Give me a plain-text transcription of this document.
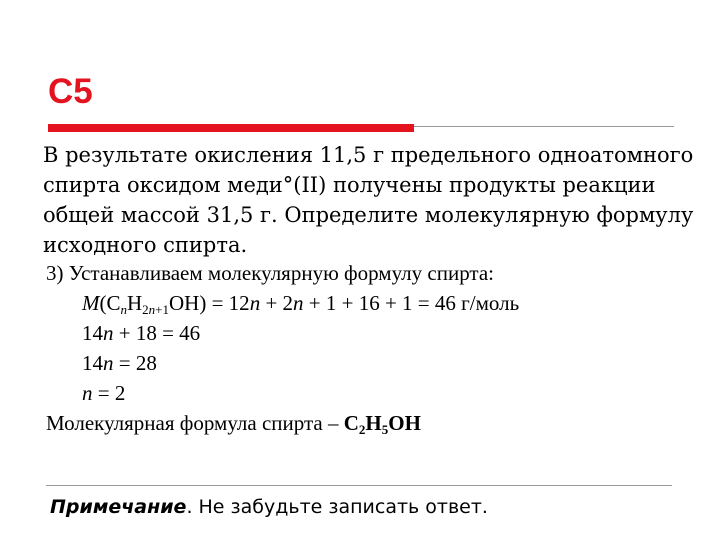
С5
В результате окисления 11,5 г предельного одноатомного
спирта оксидом меди°(II) получены продукты реакции
общей массой 31,5 г. Определите молекулярную формулу
исходного спирта.
3) Устанавливаем молекулярную формулу спирта:
$M(C_nH_{2n+1}OH) = 12n + 2n + 1 + 16 + 1 = 46$ г/моль
14n + 18 = 46
14n = 28
n = 2
Молекулярная формула спирта – $C_2H_5OH$
Примечание. Не забудьте записать ответ.
